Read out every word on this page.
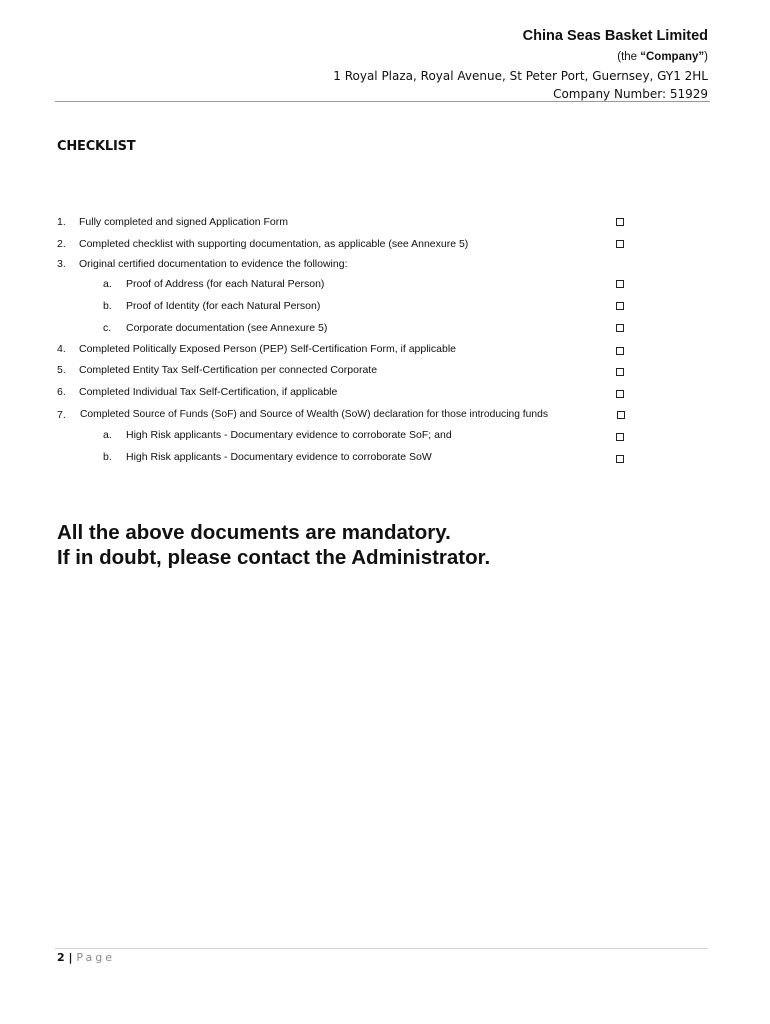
China Seas Basket Limited
(the “Company”)
1 Royal Plaza, Royal Avenue, St Peter Port, Guernsey, GY1 2HL
Company Number: 51929
CHECKLIST
1. Fully completed and signed Application Form
2. Completed checklist with supporting documentation, as applicable (see Annexure 5)
3. Original certified documentation to evidence the following:
a. Proof of Address (for each Natural Person)
b. Proof of Identity (for each Natural Person)
c. Corporate documentation (see Annexure 5)
4. Completed Politically Exposed Person (PEP) Self-Certification Form, if applicable
5. Completed Entity Tax Self-Certification per connected Corporate
6. Completed Individual Tax Self-Certification, if applicable
7. Completed Source of Funds (SoF) and Source of Wealth (SoW) declaration for those introducing funds
a. High Risk applicants - Documentary evidence to corroborate SoF; and
b. High Risk applicants - Documentary evidence to corroborate SoW
All the above documents are mandatory.
If in doubt, please contact the Administrator.
2 | Page
